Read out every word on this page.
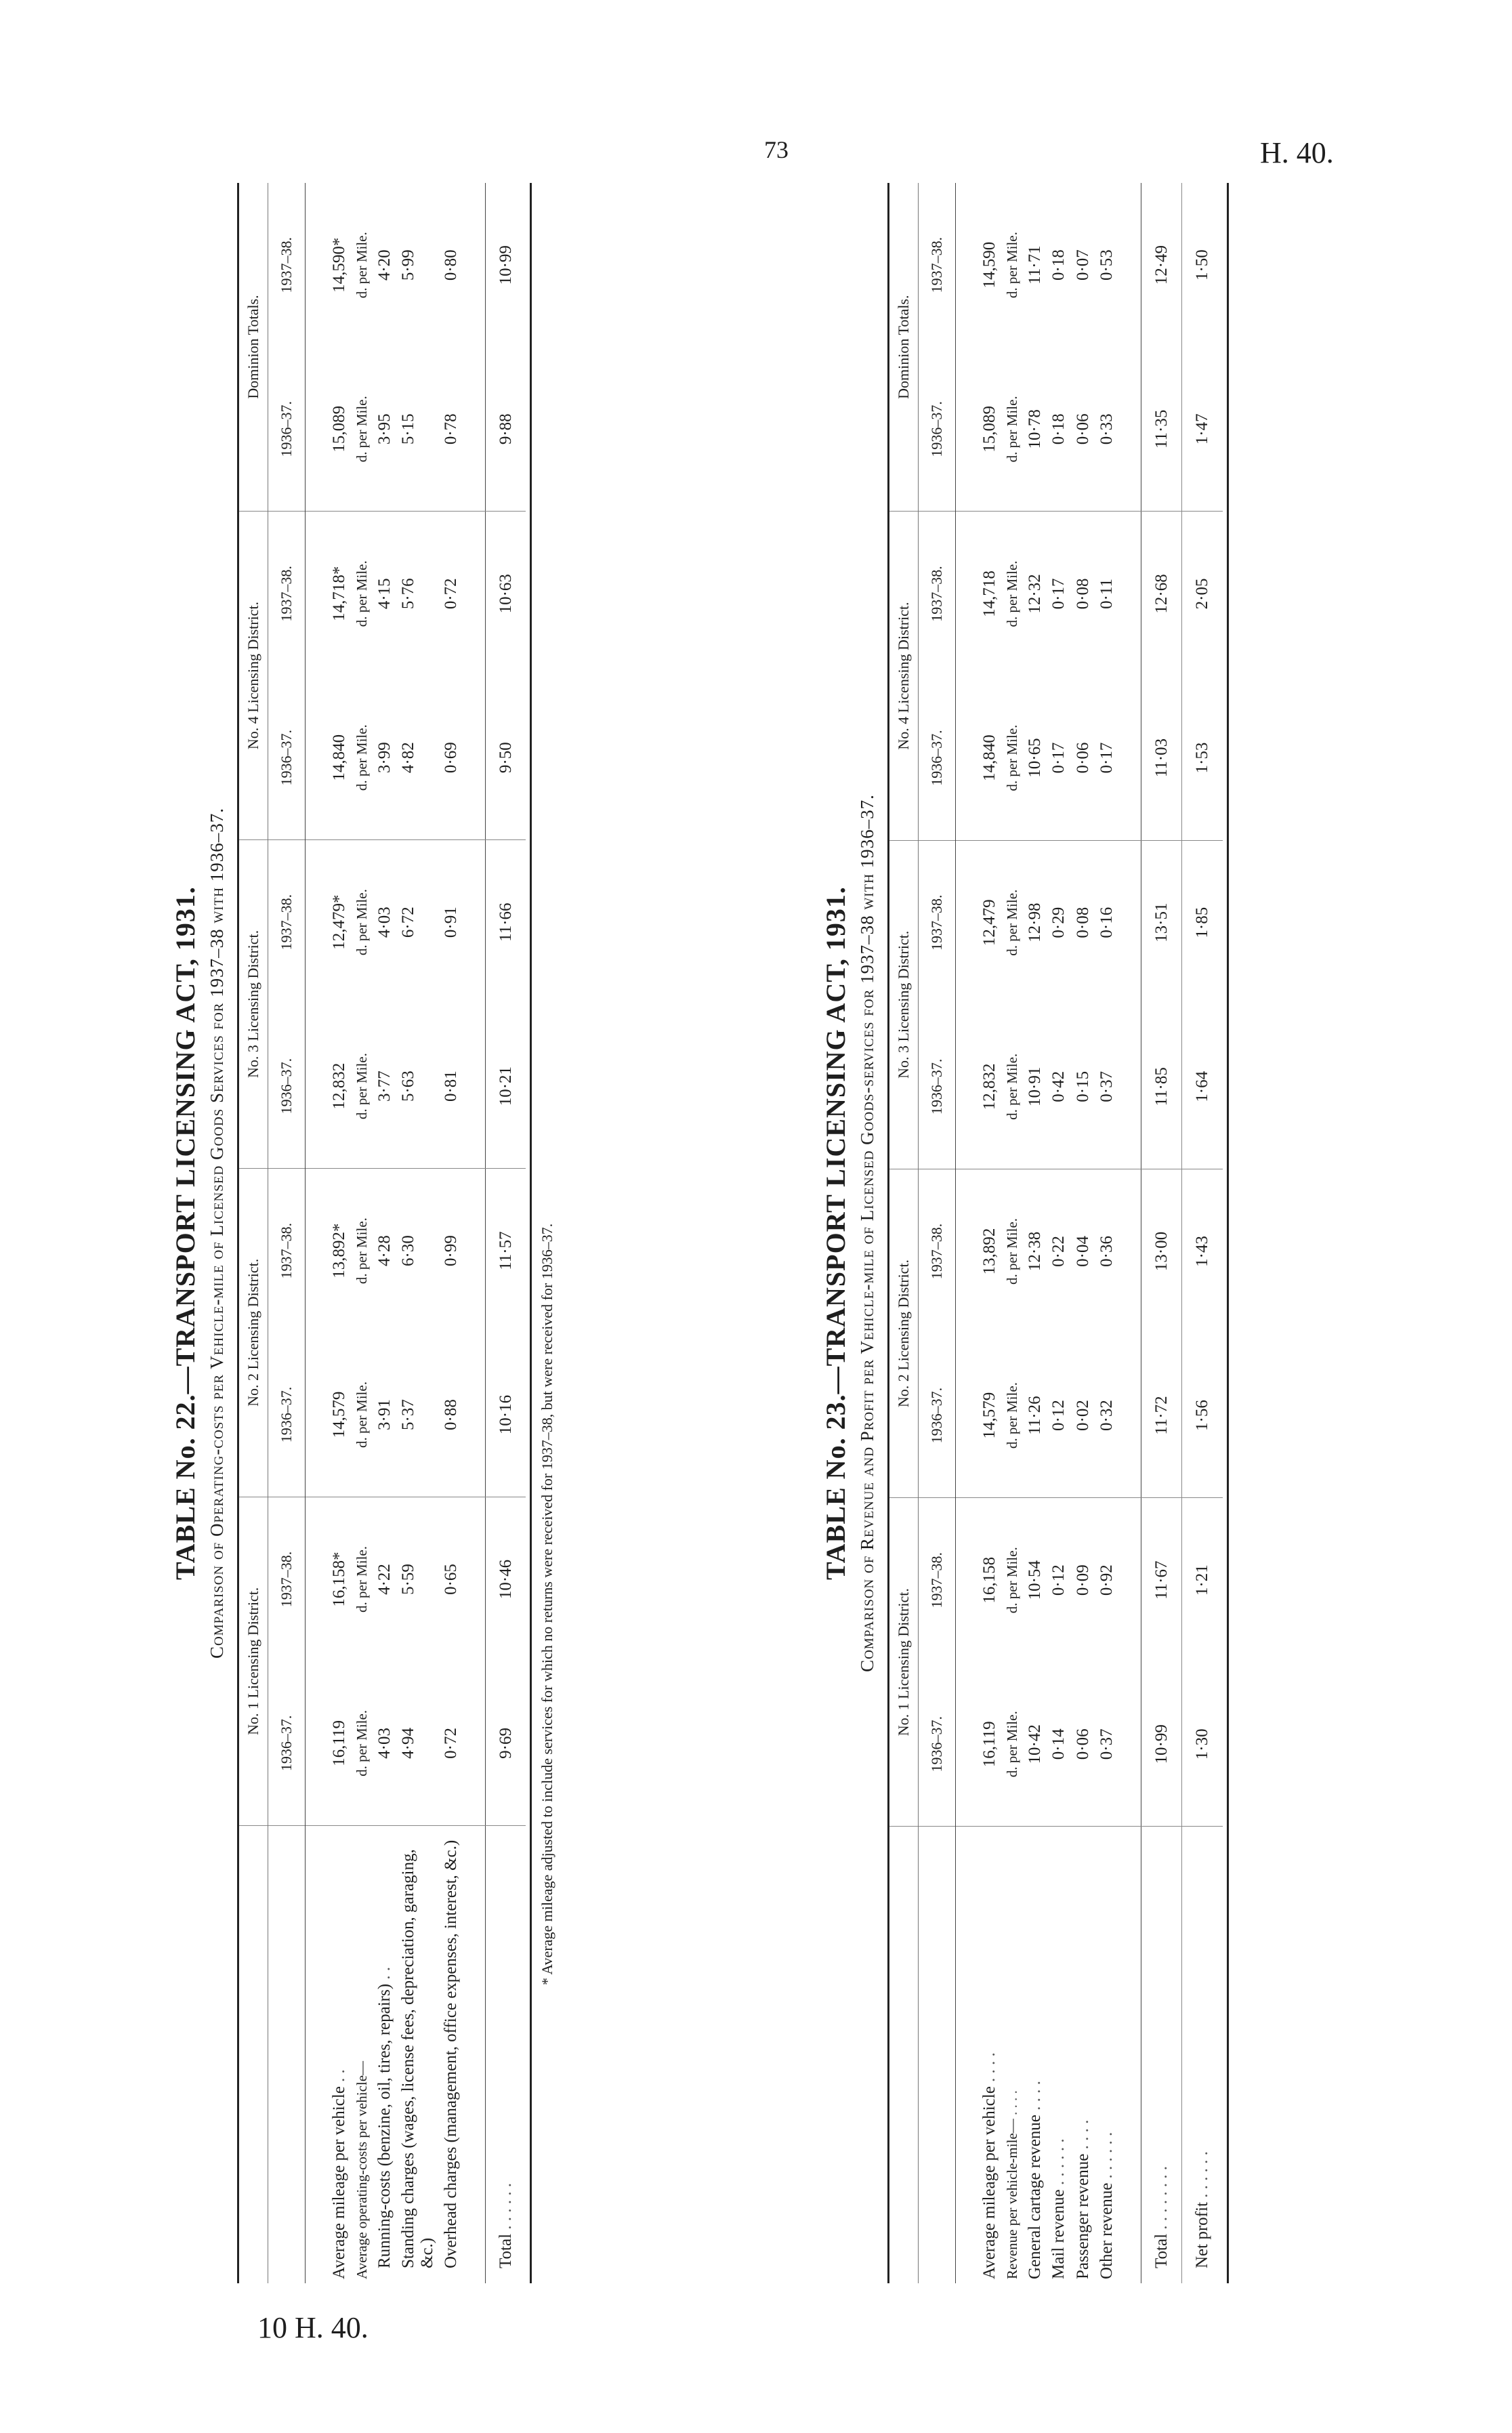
73	H. 40.
10 H. 40.
TABLE No. 22.—TRANSPORT LICENSING ACT, 1931. Comparison of Operating-costs per Vehicle-mile of Licensed Goods Services for 1937–38 with 1936–37.
	No. 1 Licensing District.		No. 2 Licensing District.		No. 3 Licensing District.		No. 4 Licensing District.		Dominion Totals.	
	1936–37.	1937–38.	1936–37.	1937–38.	1936–37.	1937–38.	1936–37.	1937–38.	1936–37.	1937–38.

Average mileage per vehicle . .	16,119	16,158*	14,579	13,892*	12,832	12,479*	14,840	14,718*	15,089	14,590*
Average operating-costs per vehicle—	d. per Mile.	d. per Mile.	d. per Mile.	d. per Mile.	d. per Mile.	d. per Mile.	d. per Mile.	d. per Mile.	d. per Mile.	d. per Mile.
Running-costs (benzine, oil, tires, repairs) . .	4·03	4·22	3·91	4·28	3·77	4·03	3·99	4·15	3·95	4·20
Standing charges (wages, license fees, depreciation, garaging, &c.)	4·94	5·59	5·37	6·30	5·63	6·72	4·82	5·76	5·15	5·99
Overhead charges (management, office expenses, interest, &c.)	0·72	0·65	0·88	0·99	0·81	0·91	0·69	0·72	0·78	0·80

Total . . . . . .	9·69	10·46	10·16	11·57	10·21	11·66	9·50	10·63	9·88	10·99

* Average mileage adjusted to include services for which no returns were received for 1937–38, but were received for 1936–37.	TABLE No. 23.—TRANSPORT LICENSING ACT, 1931. Comparison of Revenue and Profit per Vehicle-mile of Licensed Goods-services for 1937–38 with 1936–37.
	No. 1 Licensing District.		No. 2 Licensing District.		No. 3 Licensing District.		No. 4 Licensing District.		Dominion Totals.	
	1936–37.	1937–38.	1936–37.	1937–38.	1936–37.	1937–38.	1936–37.	1937–38.	1936–37.	1937–38.

Average mileage per vehicle . . . .	16,119	16,158	14,579	13,892	12,832	12,479	14,840	14,718	15,089	14,590
Revenue per vehicle-mile— . . . .	d. per Mile.	d. per Mile.	d. per Mile.	d. per Mile.	d. per Mile.	d. per Mile.	d. per Mile.	d. per Mile.	d. per Mile.	d. per Mile.
General cartage revenue . . . .	10·42	10·54	11·26	12·38	10·91	12·98	10·65	12·32	10·78	11·71
Mail revenue . . . . . .	0·14	0·12	0·12	0·22	0·42	0·29	0·17	0·17	0·18	0·18
Passenger revenue . . . .	0·06	0·09	0·02	0·04	0·15	0·08	0·06	0·08	0·06	0·07
Other revenue . . . . . .	0·37	0·92	0·32	0·36	0·37	0·16	0·17	0·11	0·33	0·53

Total . . . . . . . .	10·99	11·67	11·72	13·00	11·85	13·51	11·03	12·68	11·35	12·49
Net profit . . . . . .	1·30	1·21	1·56	1·43	1·64	1·85	1·53	2·05	1·47	1·50
